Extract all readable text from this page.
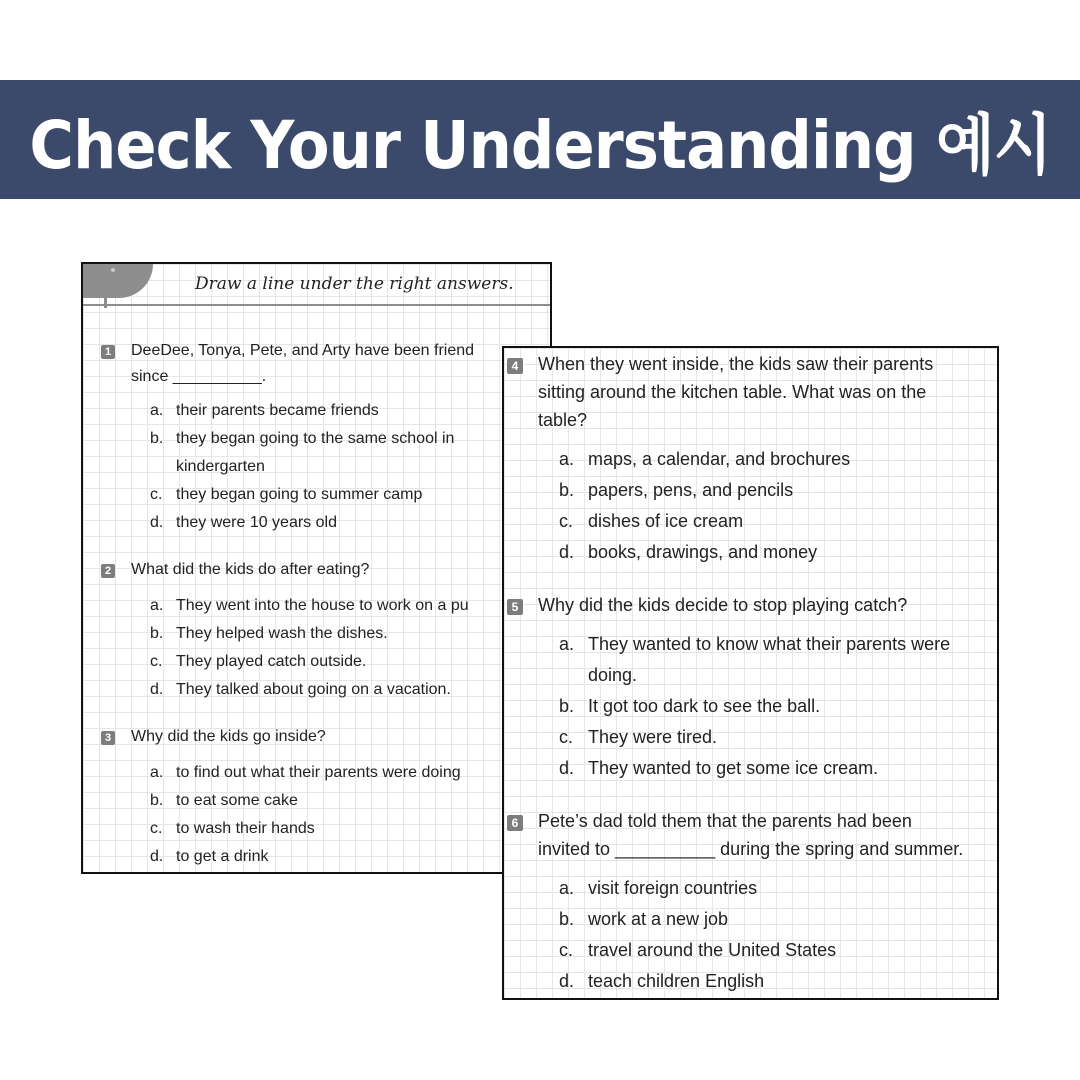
Check Your Understanding 예시
Draw a line under the right answers.
1 DeeDee, Tonya, Pete, and Arty have been friend
since __________.
a. their parents became friends
b. they began going to the same school in
kindergarten
c. they began going to summer camp
d. they were 10 years old
2 What did the kids do after eating?
a. They went into the house to work on a pu
b. They helped wash the dishes.
c. They played catch outside.
d. They talked about going on a vacation.
3 Why did the kids go inside?
a. to find out what their parents were doing
b. to eat some cake
c. to wash their hands
d. to get a drink
4 When they went inside, the kids saw their parents
sitting around the kitchen table. What was on the
table?
a. maps, a calendar, and brochures
b. papers, pens, and pencils
c. dishes of ice cream
d. books, drawings, and money
5 Why did the kids decide to stop playing catch?
a. They wanted to know what their parents were
doing.
b. It got too dark to see the ball.
c. They were tired.
d. They wanted to get some ice cream.
6 Pete’s dad told them that the parents had been
invited to __________ during the spring and summer.
a. visit foreign countries
b. work at a new job
c. travel around the United States
d. teach children English
